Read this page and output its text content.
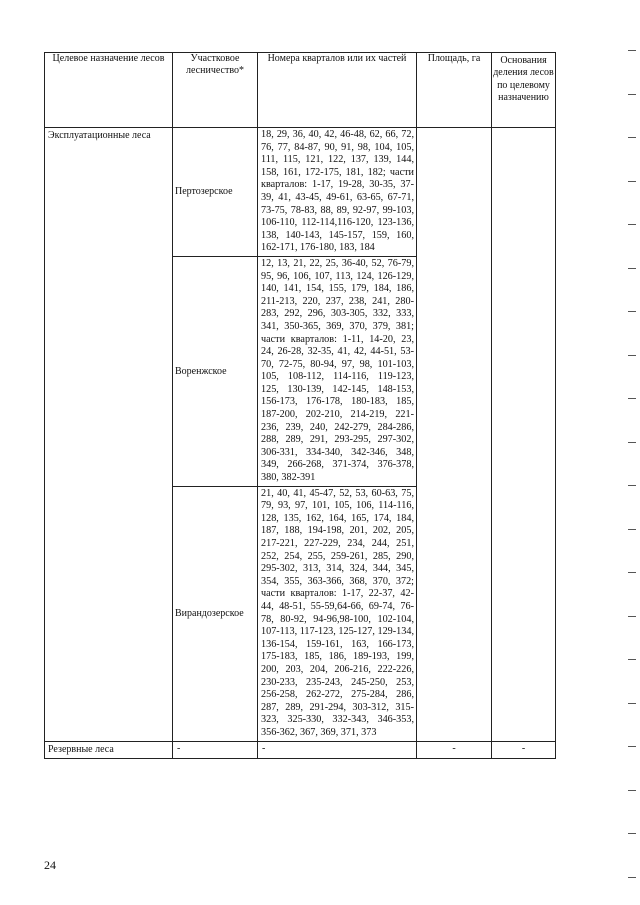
Целевое назначение лесов	Участковое лесничество*	Номера кварталов или их частей	Площадь, га	Основания деления лесов по целевому назначению
Эксплуатационные леса	Пертозерское	18, 29, 36, 40, 42, 46-48, 62, 66, 72, 76, 77, 84-87, 90, 91, 98, 104, 105, 111, 115, 121, 122, 137, 139, 144, 158, 161, 172-175, 181, 182; части кварталов: 1-17, 19-28, 30-35, 37-39, 41, 43-45, 49-61, 63-65, 67-71, 73-75, 78-83, 88, 89, 92-97, 99-103, 106-110, 112-114,116-120, 123-136, 138, 140-143, 145-157, 159, 160, 162-171, 176-180, 183, 184		
	Воренжское	12, 13, 21, 22, 25, 36-40, 52, 76-79, 95, 96, 106, 107, 113, 124, 126-129, 140, 141, 154, 155, 179, 184, 186, 211-213, 220, 237, 238, 241, 280-283, 292, 296, 303-305, 332, 333, 341, 350-365, 369, 370, 379, 381; части кварталов: 1-11, 14-20, 23, 24, 26-28, 32-35, 41, 42, 44-51, 53-70, 72-75, 80-94, 97, 98, 101-103, 105, 108-112, 114-116, 119-123, 125, 130-139, 142-145, 148-153, 156-173, 176-178, 180-183, 185, 187-200, 202-210, 214-219, 221-236, 239, 240, 242-279, 284-286, 288, 289, 291, 293-295, 297-302, 306-331, 334-340, 342-346, 348, 349, 266-268, 371-374, 376-378, 380, 382-391		
	Вирандозерское	21, 40, 41, 45-47, 52, 53, 60-63, 75, 79, 93, 97, 101, 105, 106, 114-116, 128, 135, 162, 164, 165, 174, 184, 187, 188, 194-198, 201, 202, 205, 217-221, 227-229, 234, 244, 251, 252, 254, 255, 259-261, 285, 290, 295-302, 313, 314, 324, 344, 345, 354, 355, 363-366, 368, 370, 372; части кварталов: 1-17, 22-37, 42-44, 48-51, 55-59,64-66, 69-74, 76-78, 80-92, 94-96,98-100, 102-104, 107-113, 117-123, 125-127, 129-134, 136-154, 159-161, 163, 166-173, 175-183, 185, 186, 189-193, 199, 200, 203, 204, 206-216, 222-226, 230-233, 235-243, 245-250, 253, 256-258, 262-272, 275-284, 286, 287, 289, 291-294, 303-312, 315-323, 325-330, 332-343, 346-353, 356-362, 367, 369, 371, 373		
Резервные леса	-	-	-	-
24
